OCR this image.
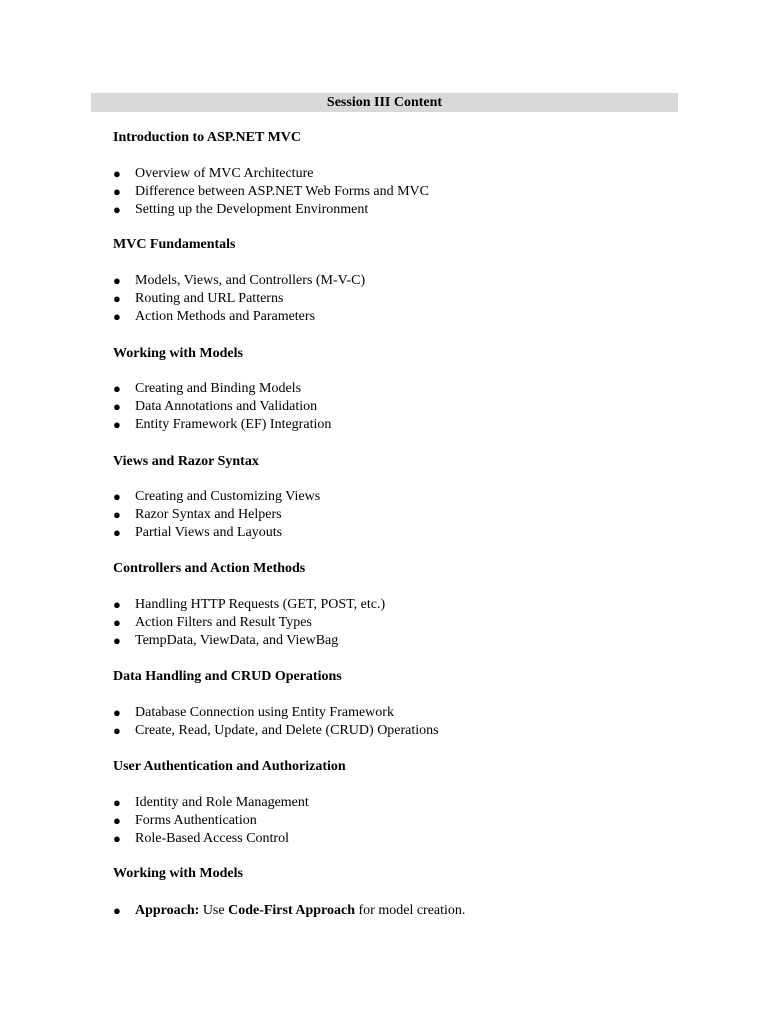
Session III Content
Introduction to ASP.NET MVC
●	Overview of MVC Architecture
●	Difference between ASP.NET Web Forms and MVC
●	Setting up the Development Environment
MVC Fundamentals
●	Models, Views, and Controllers (M-V-C)
●	Routing and URL Patterns
●	Action Methods and Parameters
Working with Models
●	Creating and Binding Models
●	Data Annotations and Validation
●	Entity Framework (EF) Integration
Views and Razor Syntax
●	Creating and Customizing Views
●	Razor Syntax and Helpers
●	Partial Views and Layouts
Controllers and Action Methods
●	Handling HTTP Requests (GET, POST, etc.)
●	Action Filters and Result Types
●	TempData, ViewData, and ViewBag
Data Handling and CRUD Operations
●	Database Connection using Entity Framework
●	Create, Read, Update, and Delete (CRUD) Operations
User Authentication and Authorization
●	Identity and Role Management
●	Forms Authentication
●	Role-Based Access Control
Working with Models
●	Approach: Use Code-First Approach for model creation.
